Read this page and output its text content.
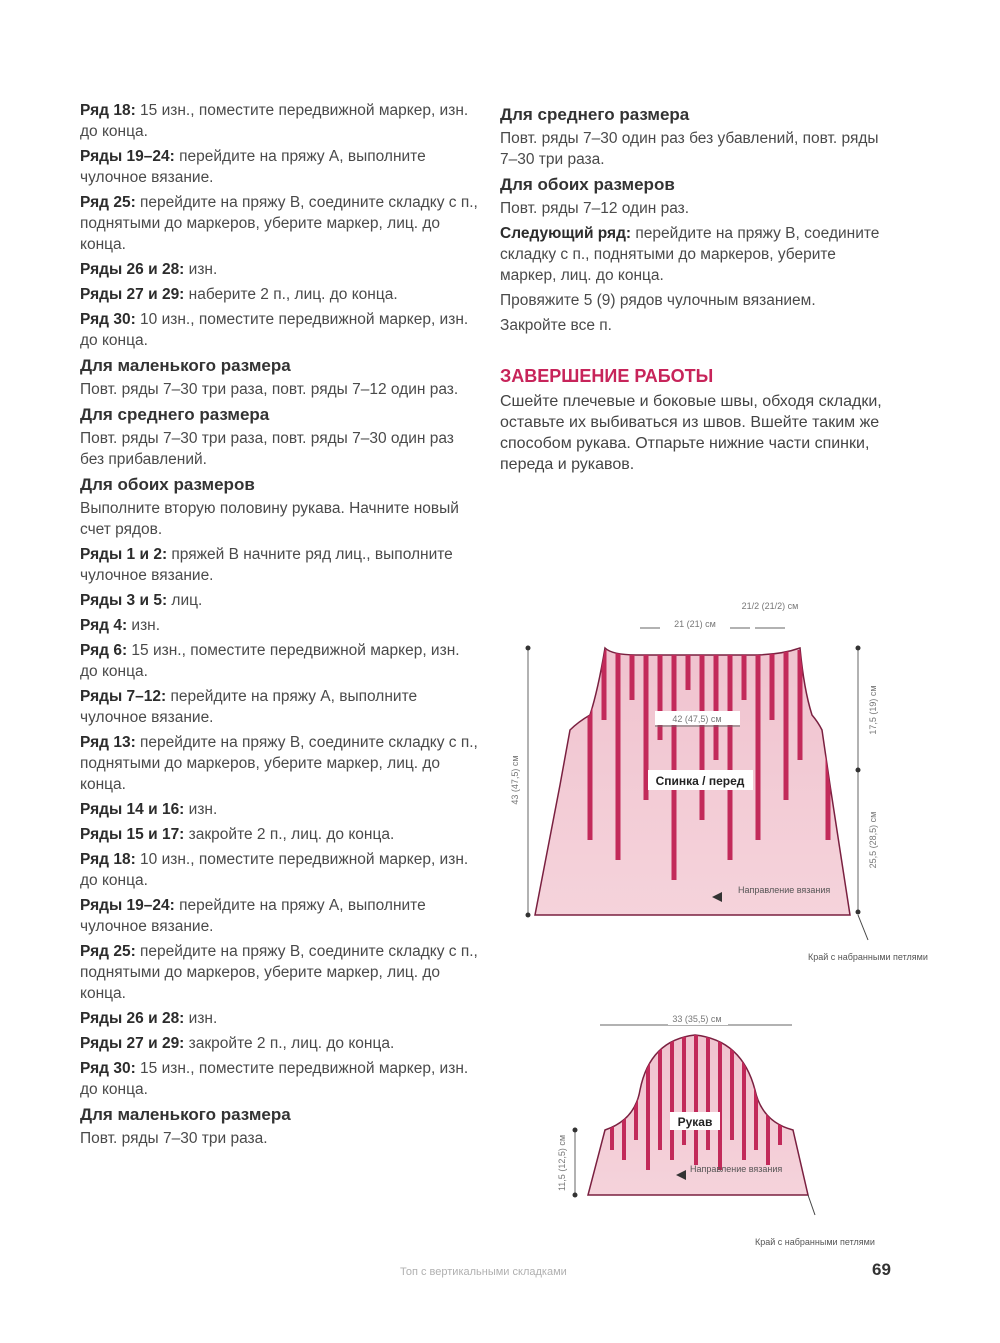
Ряд 18: 15 изн., поместите передвижной маркер, изн. до конца.
Ряды 19–24: перейдите на пряжу А, выполните чулочное вязание.
Ряд 25: перейдите на пряжу В, соедините складку с п., поднятыми до маркеров, уберите маркер, лиц. до конца.
Ряды 26 и 28: изн.
Ряды 27 и 29: наберите 2 п., лиц. до конца.
Ряд 30: 10 изн., поместите передвижной маркер, изн. до конца.
Для маленького размера
Повт. ряды 7–30 три раза, повт. ряды 7–12 один раз.
Для среднего размера
Повт. ряды 7–30 три раза, повт. ряды 7–30 один раз без прибавлений.
Для обоих размеров
Выполните вторую половину рукава. Начните новый счет рядов.
Ряды 1 и 2: пряжей В начните ряд лиц., выполните чулочное вязание.
Ряды 3 и 5: лиц.
Ряд 4: изн.
Ряд 6: 15 изн., поместите передвижной маркер, изн. до конца.
Ряды 7–12: перейдите на пряжу А, выполните чулочное вязание.
Ряд 13: перейдите на пряжу В, соедините складку с п., поднятыми до маркеров, уберите маркер, лиц. до конца.
Ряды 14 и 16: изн.
Ряды 15 и 17: закройте 2 п., лиц. до конца.
Ряд 18: 10 изн., поместите передвижной маркер, изн. до конца.
Ряды 19–24: перейдите на пряжу А, выполните чулочное вязание.
Ряд 25: перейдите на пряжу В, соедините складку с п., поднятыми до маркеров, уберите маркер, лиц. до конца.
Ряды 26 и 28: изн.
Ряды 27 и 29: закройте 2 п., лиц. до конца.
Ряд 30: 15 изн., поместите передвижной маркер, изн. до конца.
Для маленького размера
Повт. ряды 7–30 три раза.
Для среднего размера
Повт. ряды 7–30 один раз без убавлений, повт. ряды 7–30 три раза.
Для обоих размеров
Повт. ряды 7–12 один раз.
Следующий ряд: перейдите на пряжу В, соедините складку с п., поднятыми до маркеров, уберите маркер, лиц. до конца.
Провяжите 5 (9) рядов чулочным вязанием.
Закройте все п.
ЗАВЕРШЕНИЕ РАБОТЫ
Сшейте плечевые и боковые швы, обходя складки, оставьте их выбиваться из швов. Вшейте таким же способом рукава. Отпарьте нижние части спинки, переда и рукавов.
21 (21) см
21/2 (21/2) см
42 (47,5) см	17,5 (19) см
25,5 (28,5) см
43 (47,5) см	Спинка / перед
Направление вязания
Край с набранными петлями
33 (35,5) см
11,5 (12,5) см
Рукав
Направление вязания
Край с набранными петлями
Топ с вертикальными складками	69
